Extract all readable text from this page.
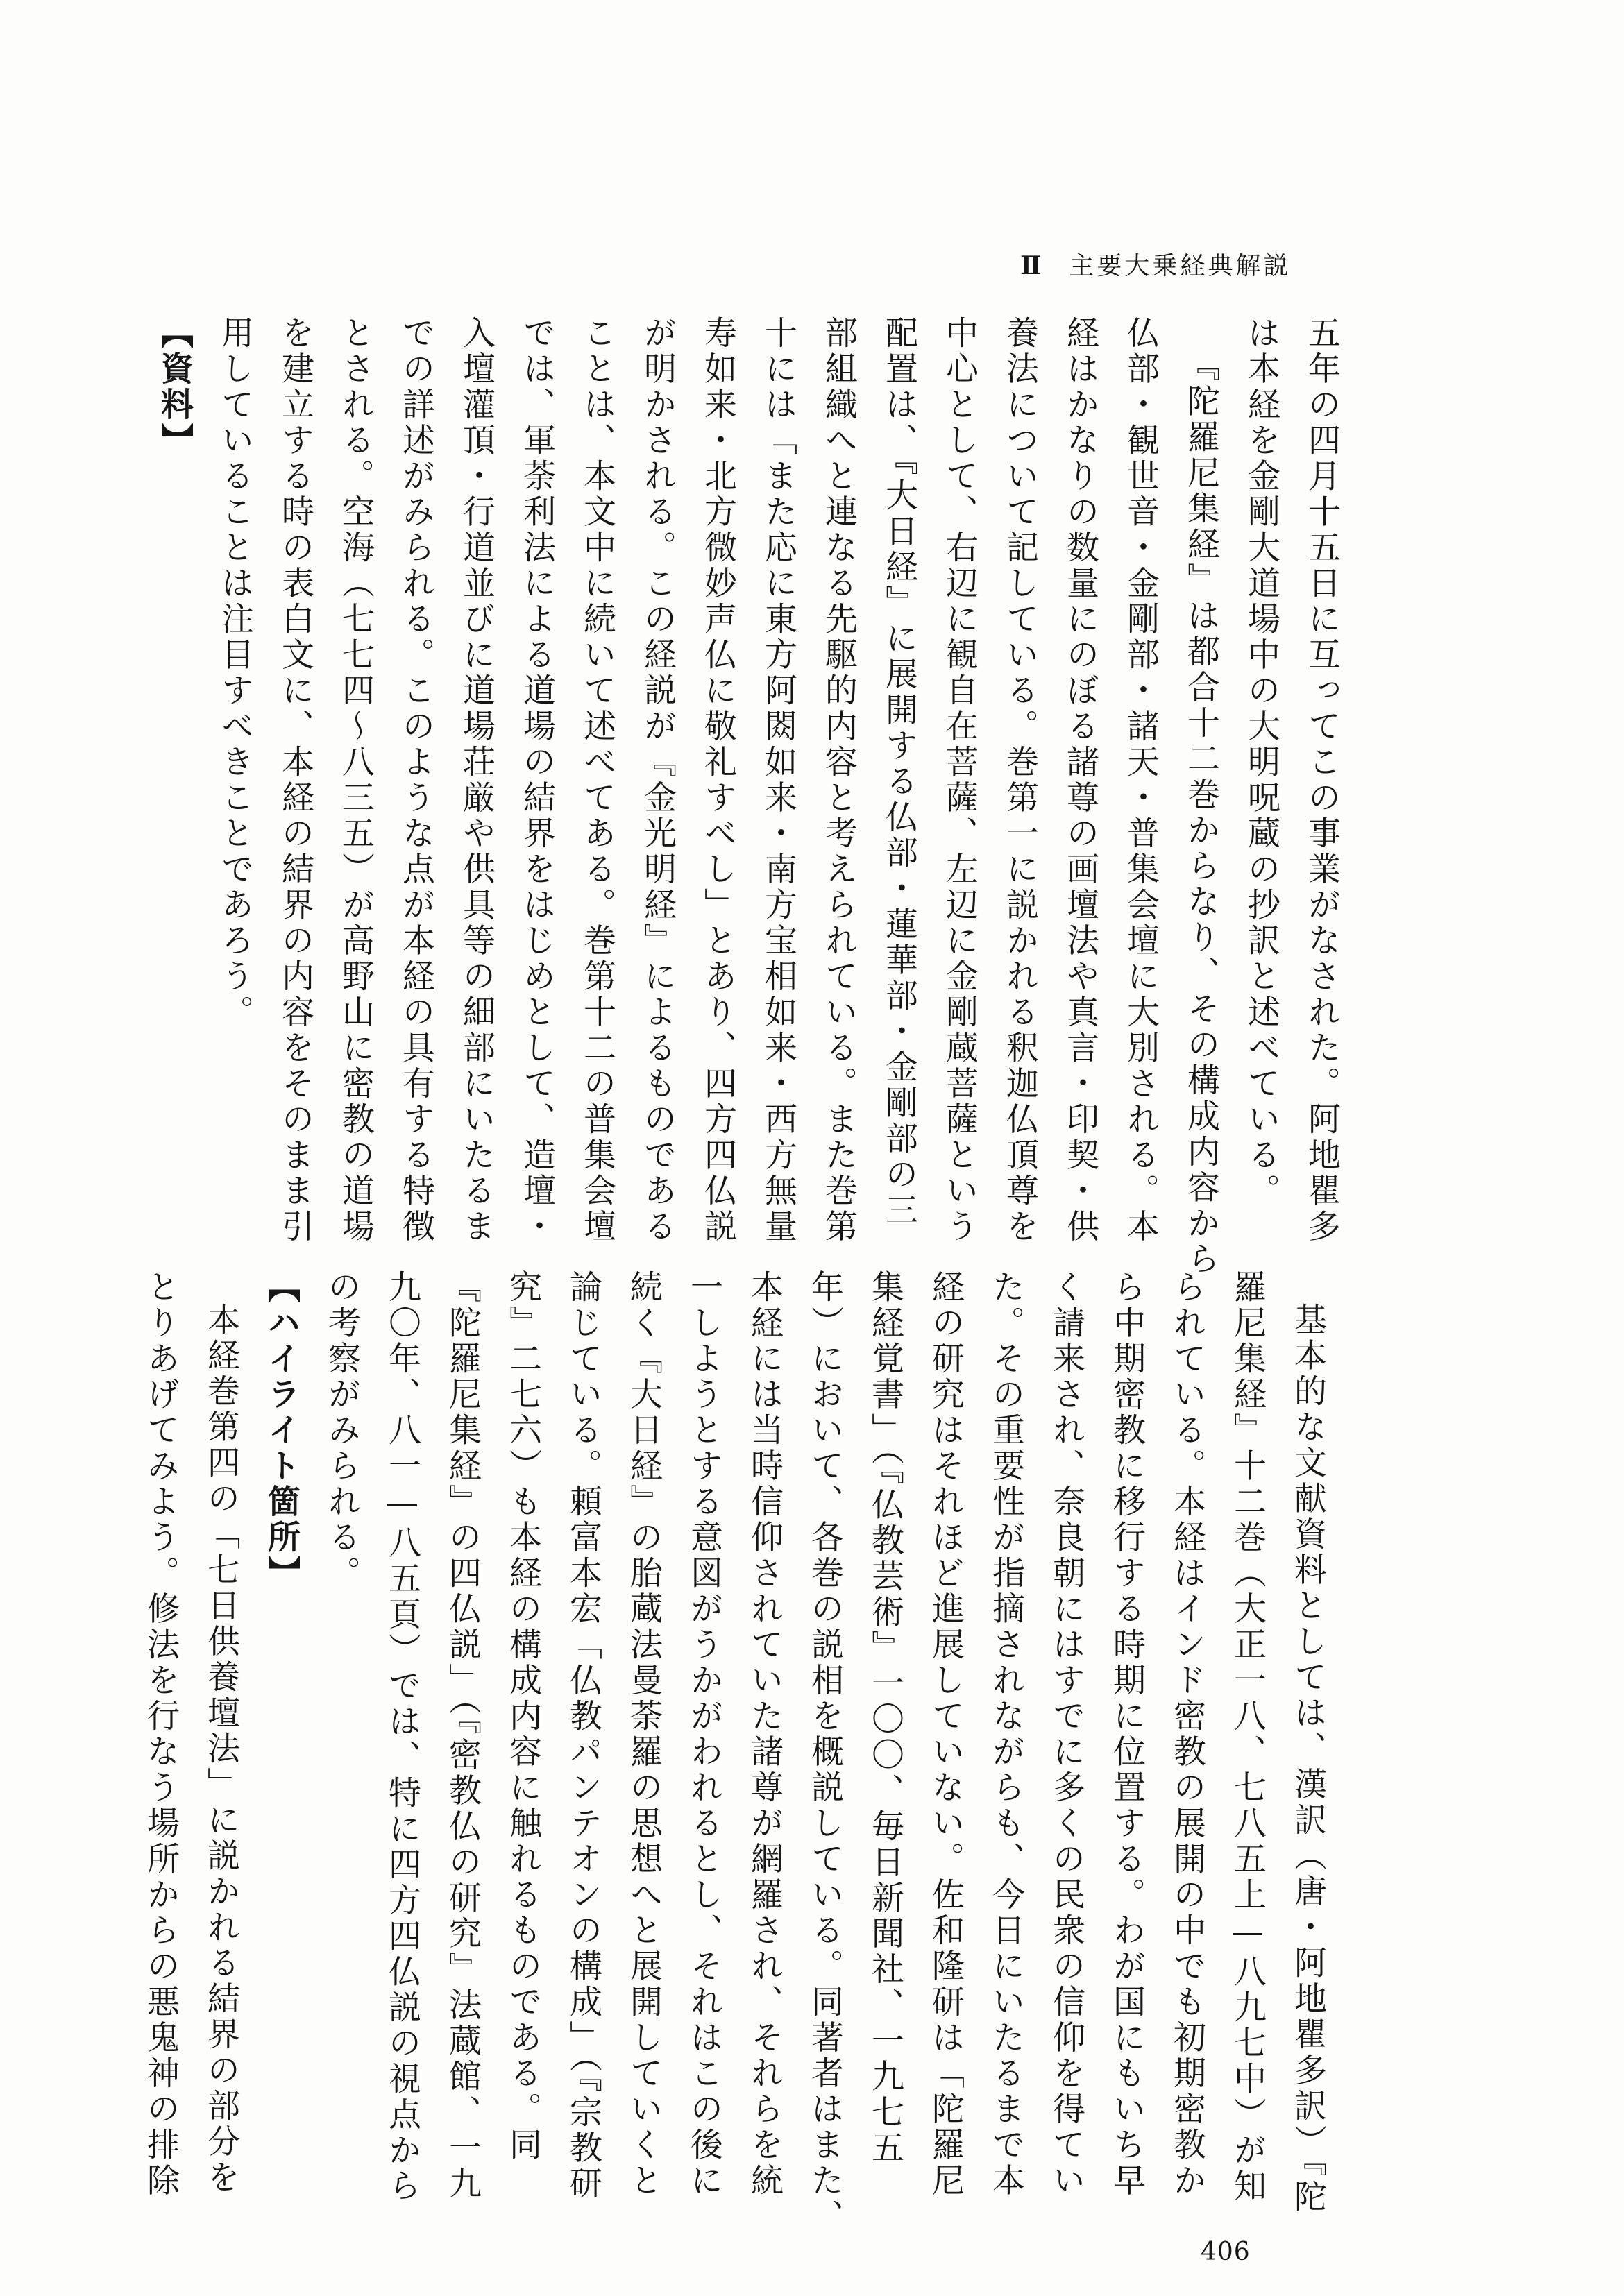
Ⅱ 主要大乗経典解説
五年の四月十五日に互ってこの事業がなされた。阿地瞿多
は本経を金剛大道場中の大明呪蔵の抄訳と述べている。
『陀羅尼集経』は都合十二巻からなり、その構成内容から
仏部・観世音・金剛部・諸天・普集会壇に大別される。本
経はかなりの数量にのぼる諸尊の画壇法や真言・印契・供
養法について記している。巻第一に説かれる釈迦仏頂尊を
中心として、右辺に観自在菩薩、左辺に金剛蔵菩薩という
配置は、『大日経』に展開する仏部・蓮華部・金剛部の三
部組織へと連なる先駆的内容と考えられている。また巻第
十には「また応に東方阿閦如来・南方宝相如来・西方無量
寿如来・北方微妙声仏に敬礼すべし」とあり、四方四仏説
が明かされる。この経説が『金光明経』によるものである
ことは、本文中に続いて述べてある。巻第十二の普集会壇
では、軍荼利法による道場の結界をはじめとして、造壇・
入壇灌頂・行道並びに道場荘厳や供具等の細部にいたるま
での詳述がみられる。このような点が本経の具有する特徴
とされる。空海（七七四〜八三五）が高野山に密教の道場
を建立する時の表白文に、本経の結界の内容をそのまま引
用していることは注目すべきことであろう。
【資料】
基本的な文献資料としては、漢訳（唐・阿地瞿多訳）『陀
羅尼集経』十二巻（大正一八、七八五上—八九七中）が知
られている。本経はインド密教の展開の中でも初期密教か
ら中期密教に移行する時期に位置する。わが国にもいち早
く請来され、奈良朝にはすでに多くの民衆の信仰を得てい
た。その重要性が指摘されながらも、今日にいたるまで本
経の研究はそれほど進展していない。佐和隆研は「陀羅尼
集経覚書」（『仏教芸術』一〇〇、毎日新聞社、一九七五
年）において、各巻の説相を概説している。同著者はまた、
本経には当時信仰されていた諸尊が網羅され、それらを統
一しようとする意図がうかがわれるとし、それはこの後に
続く『大日経』の胎蔵法曼荼羅の思想へと展開していくと
論じている。頼富本宏「仏教パンテオンの構成」（『宗教研
究』二七六）も本経の構成内容に触れるものである。同
『陀羅尼集経』の四仏説」（『密教仏の研究』法蔵館、一九
九〇年、八一—八五頁）では、特に四方四仏説の視点から
の考察がみられる。
【ハイライト箇所】
本経巻第四の「七日供養壇法」に説かれる結界の部分を
とりあげてみよう。修法を行なう場所からの悪鬼神の排除
406
